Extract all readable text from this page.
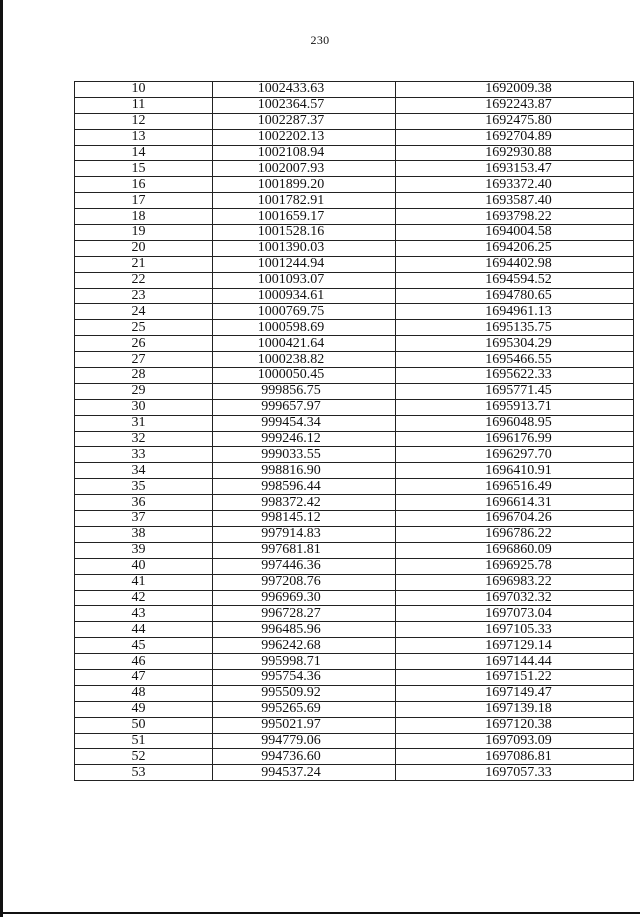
230
10	1002433.63	1692009.38
11	1002364.57	1692243.87
12	1002287.37	1692475.80
13	1002202.13	1692704.89
14	1002108.94	1692930.88
15	1002007.93	1693153.47
16	1001899.20	1693372.40
17	1001782.91	1693587.40
18	1001659.17	1693798.22
19	1001528.16	1694004.58
20	1001390.03	1694206.25
21	1001244.94	1694402.98
22	1001093.07	1694594.52
23	1000934.61	1694780.65
24	1000769.75	1694961.13
25	1000598.69	1695135.75
26	1000421.64	1695304.29
27	1000238.82	1695466.55
28	1000050.45	1695622.33
29	999856.75	1695771.45
30	999657.97	1695913.71
31	999454.34	1696048.95
32	999246.12	1696176.99
33	999033.55	1696297.70
34	998816.90	1696410.91
35	998596.44	1696516.49
36	998372.42	1696614.31
37	998145.12	1696704.26
38	997914.83	1696786.22
39	997681.81	1696860.09
40	997446.36	1696925.78
41	997208.76	1696983.22
42	996969.30	1697032.32
43	996728.27	1697073.04
44	996485.96	1697105.33
45	996242.68	1697129.14
46	995998.71	1697144.44
47	995754.36	1697151.22
48	995509.92	1697149.47
49	995265.69	1697139.18
50	995021.97	1697120.38
51	994779.06	1697093.09
52	994736.60	1697086.81
53	994537.24	1697057.33
